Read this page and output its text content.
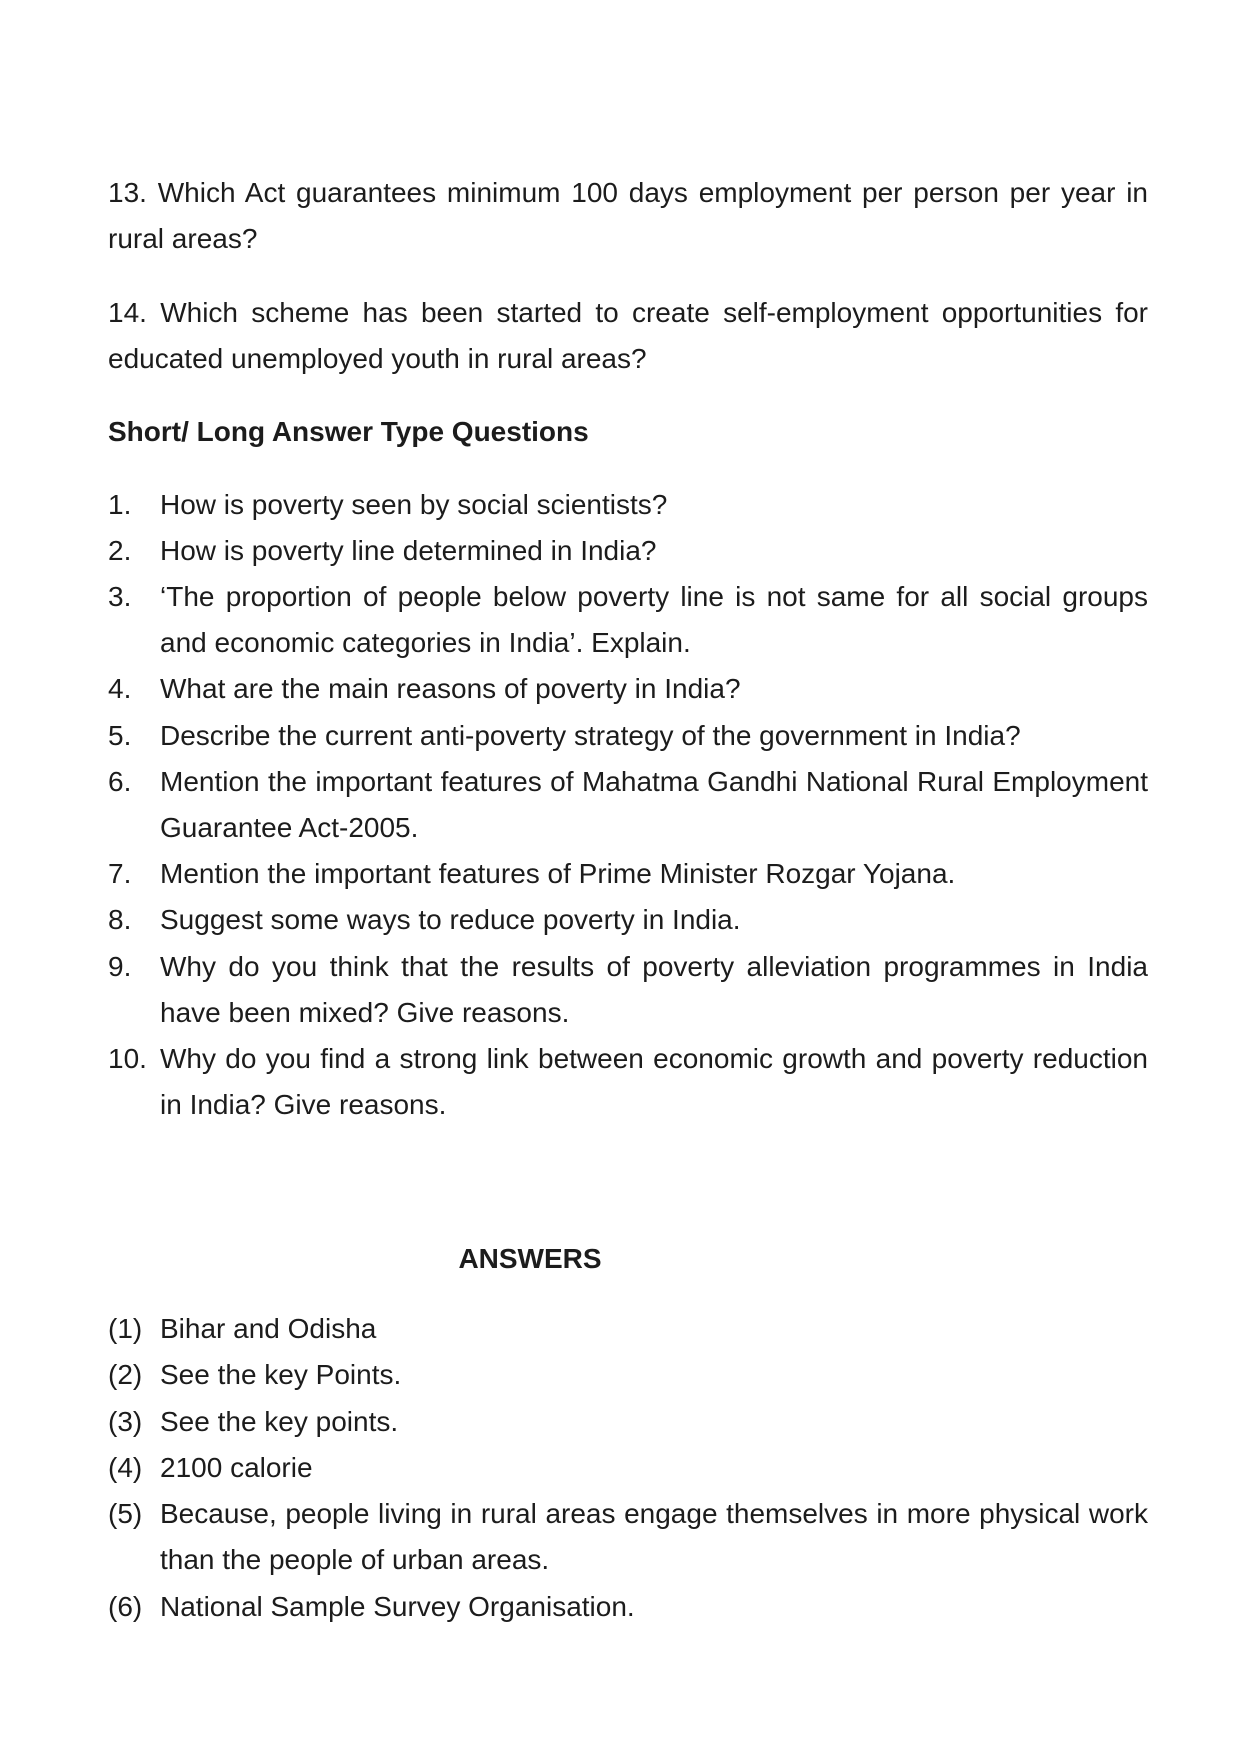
13. Which Act guarantees minimum 100 days employment per person per year in rural areas?
14. Which scheme has been started to create self-employment opportunities for educated unemployed youth in rural areas?
Short/ Long Answer Type Questions
1. How is poverty seen by social scientists?
2. How is poverty line determined in India?
3. ‘The proportion of people below poverty line is not same for all social groups and economic categories in India’. Explain.
4. What are the main reasons of poverty in India?
5. Describe the current anti-poverty strategy of the government in India?
6. Mention the important features of Mahatma Gandhi National Rural Employment Guarantee Act-2005.
7. Mention the important features of Prime Minister Rozgar Yojana.
8. Suggest some ways to reduce poverty in India.
9. Why do you think that the results of poverty alleviation programmes in India have been mixed? Give reasons.
10. Why do you find a strong link between economic growth and poverty reduction in India? Give reasons.
ANSWERS
(1) Bihar and Odisha
(2) See the key Points.
(3) See the key points.
(4) 2100 calorie
(5) Because, people living in rural areas engage themselves in more physical work than the people of urban areas.
(6) National Sample Survey Organisation.
